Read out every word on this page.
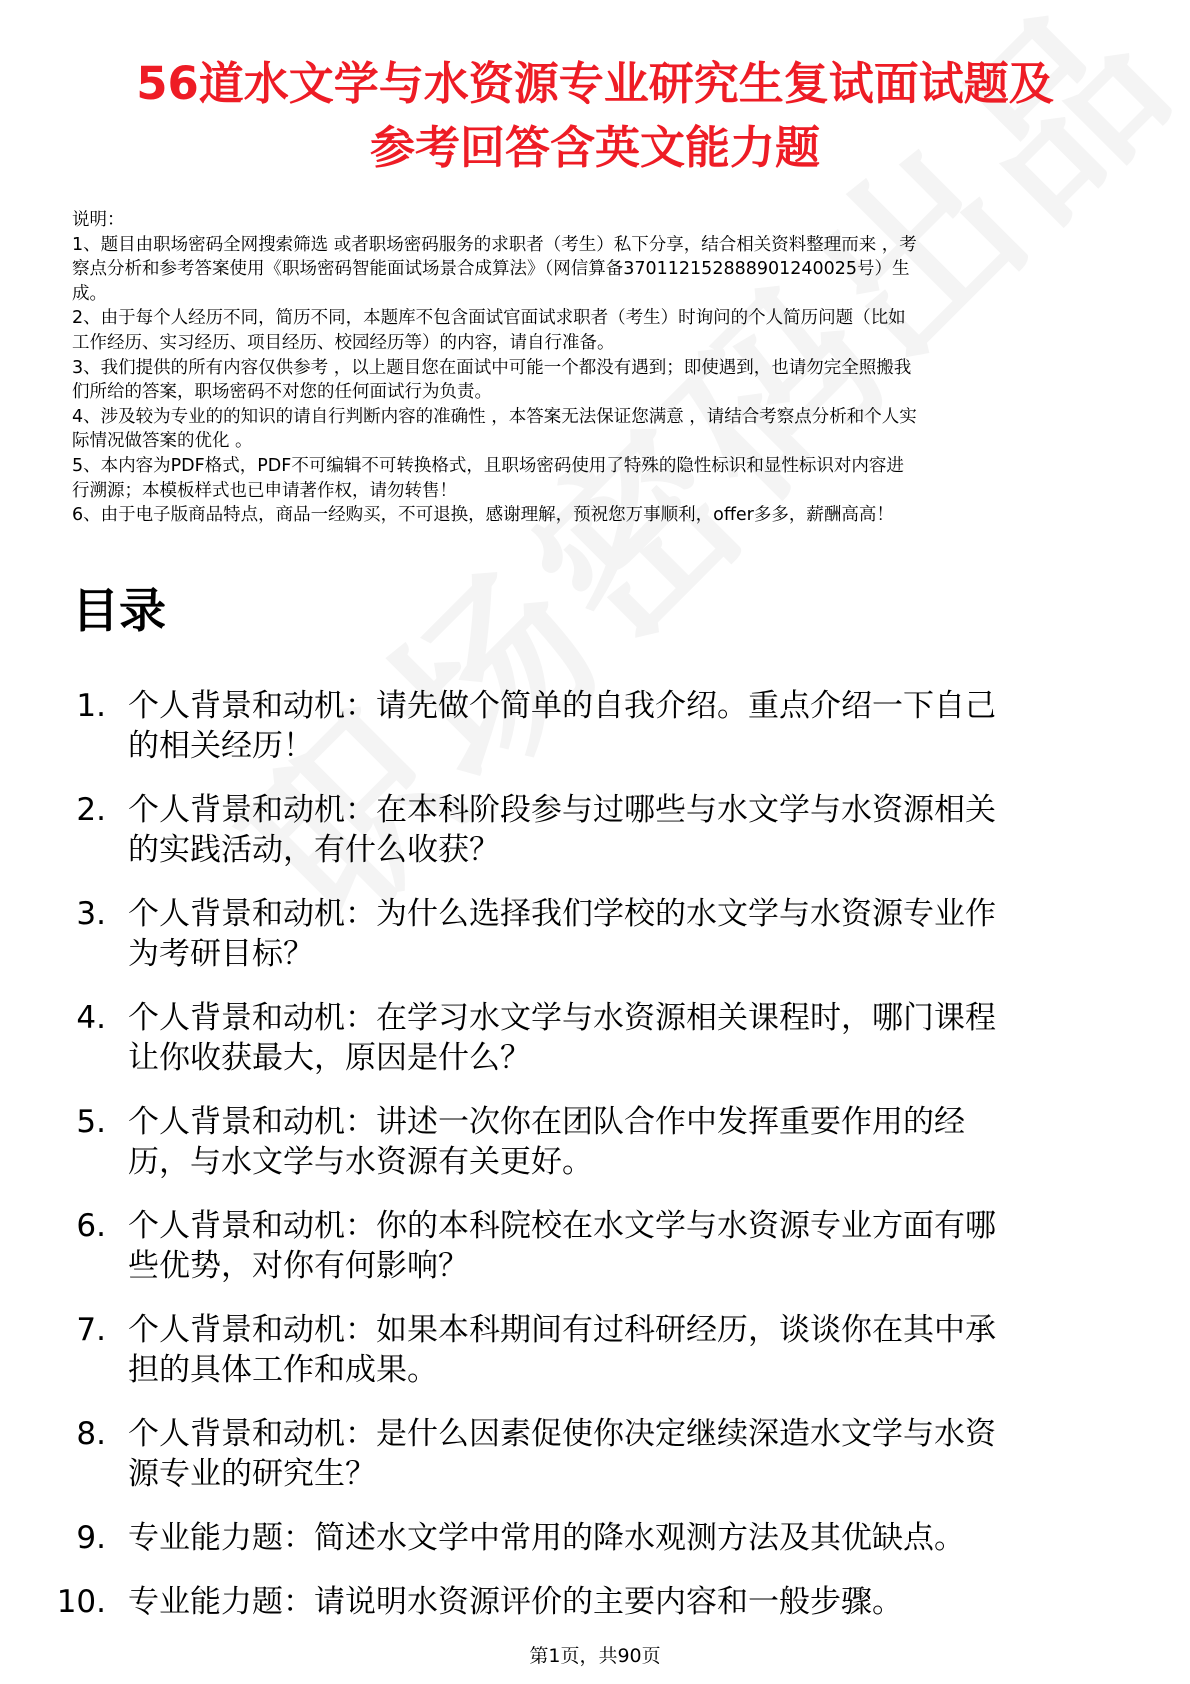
56道水文学与水资源专业研究生复试面试题及
参考回答含英文能力题
说明：
1、题目由职场密码全网搜索筛选 或者职场密码服务的求职者（考生）私下分享，结合相关资料整理而来 ，考
察点分析和参考答案使用《职场密码智能面试场景合成算法》（网信算备370112152888901240025号）生
成。
2、由于每个人经历不同，简历不同，本题库不包含面试官面试求职者（考生）时询问的个人简历问题（比如
工作经历、实习经历、项目经历、校园经历等）的内容，请自行准备。
3、我们提供的所有内容仅供参考 ，以上题目您在面试中可能一个都没有遇到；即使遇到，也请勿完全照搬我
们所给的答案，职场密码不对您的任何面试行为负责。
4、涉及较为专业的的知识的请自行判断内容的准确性 ，本答案无法保证您满意 ，请结合考察点分析和个人实
际情况做答案的优化 。
5、本内容为PDF格式，PDF不可编辑不可转换格式，且职场密码使用了特殊的隐性标识和显性标识对内容进
行溯源；本模板样式也已申请著作权，请勿转售！
6、由于电子版商品特点，商品一经购买，不可退换，感谢理解，预祝您万事顺利，offer多多，薪酬高高！
目录
1. 个人背景和动机：请先做个简单的自我介绍。重点介绍一下自己
的相关经历！
2. 个人背景和动机：在本科阶段参与过哪些与水文学与水资源相关
的实践活动，有什么收获？
3. 个人背景和动机：为什么选择我们学校的水文学与水资源专业作
为考研目标？
4. 个人背景和动机：在学习水文学与水资源相关课程时，哪门课程
让你收获最大，原因是什么？
5. 个人背景和动机：讲述一次你在团队合作中发挥重要作用的经
历，与水文学与水资源有关更好。
6. 个人背景和动机：你的本科院校在水文学与水资源专业方面有哪
些优势，对你有何影响？
7. 个人背景和动机：如果本科期间有过科研经历，谈谈你在其中承
担的具体工作和成果。
8. 个人背景和动机：是什么因素促使你决定继续深造水文学与水资
源专业的研究生？
9. 专业能力题：简述水文学中常用的降水观测方法及其优缺点。
10. 专业能力题：请说明水资源评价的主要内容和一般步骤。
第1页，共90页
